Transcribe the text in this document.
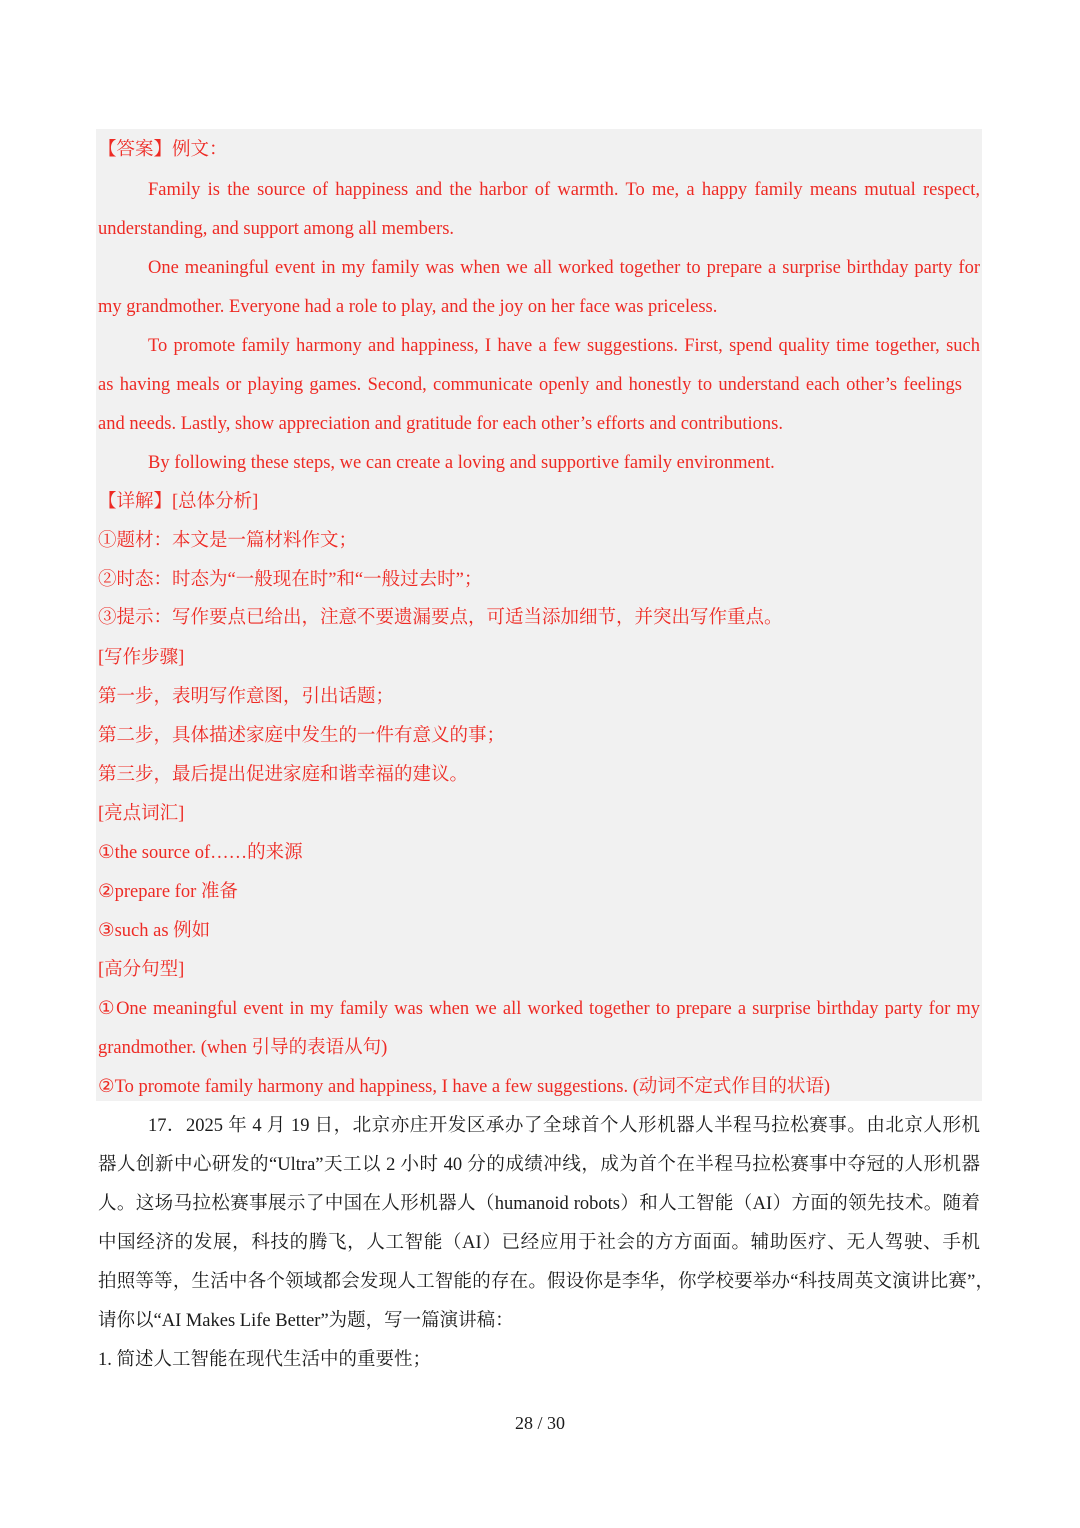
【答案】例文：
Family is the source of happiness and the harbor of warmth. To me, a happy family means mutual respect,
understanding, and support among all members.
One meaningful event in my family was when we all worked together to prepare a surprise birthday party for
my grandmother. Everyone had a role to play, and the joy on her face was priceless.
To promote family harmony and happiness, I have a few suggestions. First, spend quality time together, such
as having meals or playing games. Second, communicate openly and honestly to understand each other’s feelings
and needs. Lastly, show appreciation and gratitude for each other’s efforts and contributions.
By following these steps, we can create a loving and supportive family environment.
【详解】[总体分析]
①题材：本文是一篇材料作文；
②时态：时态为“一般现在时”和“一般过去时”；
③提示：写作要点已给出，注意不要遗漏要点，可适当添加细节，并突出写作重点。
[写作步骤]
第一步，表明写作意图，引出话题；
第二步，具体描述家庭中发生的一件有意义的事；
第三步，最后提出促进家庭和谐幸福的建议。
[亮点词汇]
①the source of……的来源
②prepare for 准备
③such as 例如
[高分句型]
①One meaningful event in my family was when we all worked together to prepare a surprise birthday party for my
grandmother. (when 引导的表语从句)
②To promote family harmony and happiness, I have a few suggestions. (动词不定式作目的状语)
17．2025 年 4 月 19 日，北京亦庄开发区承办了全球首个人形机器人半程马拉松赛事。由北京人形机
器人创新中心研发的“Ultra”天工以 2 小时 40 分的成绩冲线，成为首个在半程马拉松赛事中夺冠的人形机器
人。这场马拉松赛事展示了中国在人形机器人（humanoid robots）和人工智能（AI）方面的领先技术。随着
中国经济的发展，科技的腾飞，人工智能（AI）已经应用于社会的方方面面。辅助医疗、无人驾驶、手机
拍照等等，生活中各个领域都会发现人工智能的存在。假设你是李华，你学校要举办“科技周英文演讲比赛”，
请你以“AI Makes Life Better”为题，写一篇演讲稿：
1. 简述人工智能在现代生活中的重要性；
28 / 30
